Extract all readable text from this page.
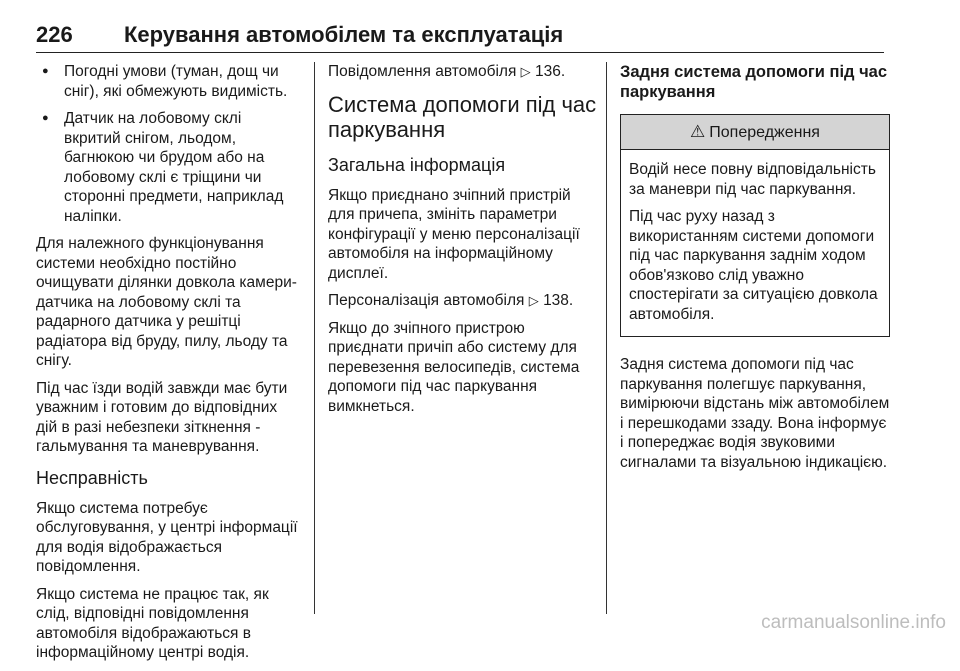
226 Керування автомобілем та експлуатація
● Погодні умови (туман, дощ чи сніг), які обмежують видимість.
● Датчик на лобовому склі вкритий снігом, льодом, багнюкою чи брудом або на лобовому склі є тріщини чи сторонні предмети, наприклад наліпки.

Для належного функціонування системи необхідно постійно очищувати ділянки довкола камери-датчика на лобовому склі та радарного датчика у решітці радіатора від бруду, пилу, льоду та снігу.

Під час їзди водій завжди має бути уважним і готовим до відповідних дій в разі небезпеки зіткнення - гальмування та маневрування.

Несправність

Якщо система потребує обслуговування, у центрі інформації для водія відображається повідомлення.

Якщо система не працює так, як слід, відповідні повідомлення автомобіля відображаються в інформаційному центрі водія.

Повідомлення автомобіля ▷ 136.

Система допомоги під час паркування
Загальна інформація

Якщо приєднано зчіпний пристрій для причепа, змініть параметри конфігурації у меню персоналізації автомобіля на інформаційному дисплеї.

Персоналізація автомобіля ▷ 138.

Якщо до зчіпного пристрою приєднати причіп або систему для перевезення велосипедів, система допомоги під час паркування вимкнеться.

Задня система допомоги під час паркування
⚠ Попередження

Водій несе повну відповідальність за маневри під час паркування.

Під час руху назад з використанням системи допомоги під час паркування заднім ходом обов'язково слід уважно спостерігати за ситуацією довкола автомобіля.

Задня система допомоги під час паркування полегшує паркування, вимірюючи відстань між автомобілем і перешкодами ззаду. Вона інформує і попереджає водія звуковими сигналами та візуальною індикацією.

carmanualsonline.info
